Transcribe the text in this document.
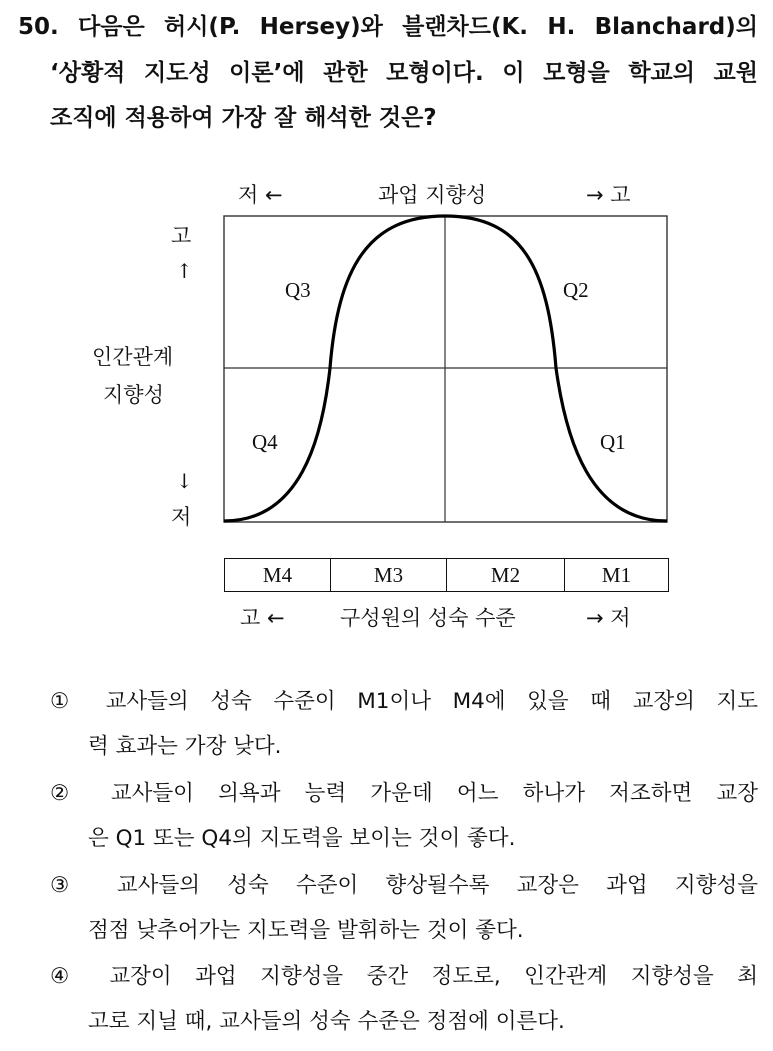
50. 다음은 허시(P. Hersey)와 블랜차드(K. H. Blanchard)의
‘상황적 지도성 이론’에 관한 모형이다. 이 모형을 학교의 교원
조직에 적용하여 가장 잘 해석한 것은?
저 ←	과업 지향성	→ 고
고
↑
인간관계
지향성
↓
저
Q3	Q2
Q4	Q1
M4	M3	M2	M1
고 ←	구성원의 성숙 수준	→ 저
① 교사들의 성숙 수준이 M1이나 M4에 있을 때 교장의 지도
력 효과는 가장 낮다.
② 교사들이 의욕과 능력 가운데 어느 하나가 저조하면 교장
은 Q1 또는 Q4의 지도력을 보이는 것이 좋다.
③ 교사들의 성숙 수준이 향상될수록 교장은 과업 지향성을
점점 낮추어가는 지도력을 발휘하는 것이 좋다.
④ 교장이 과업 지향성을 중간 정도로, 인간관계 지향성을 최
고로 지닐 때, 교사들의 성숙 수준은 정점에 이른다.
